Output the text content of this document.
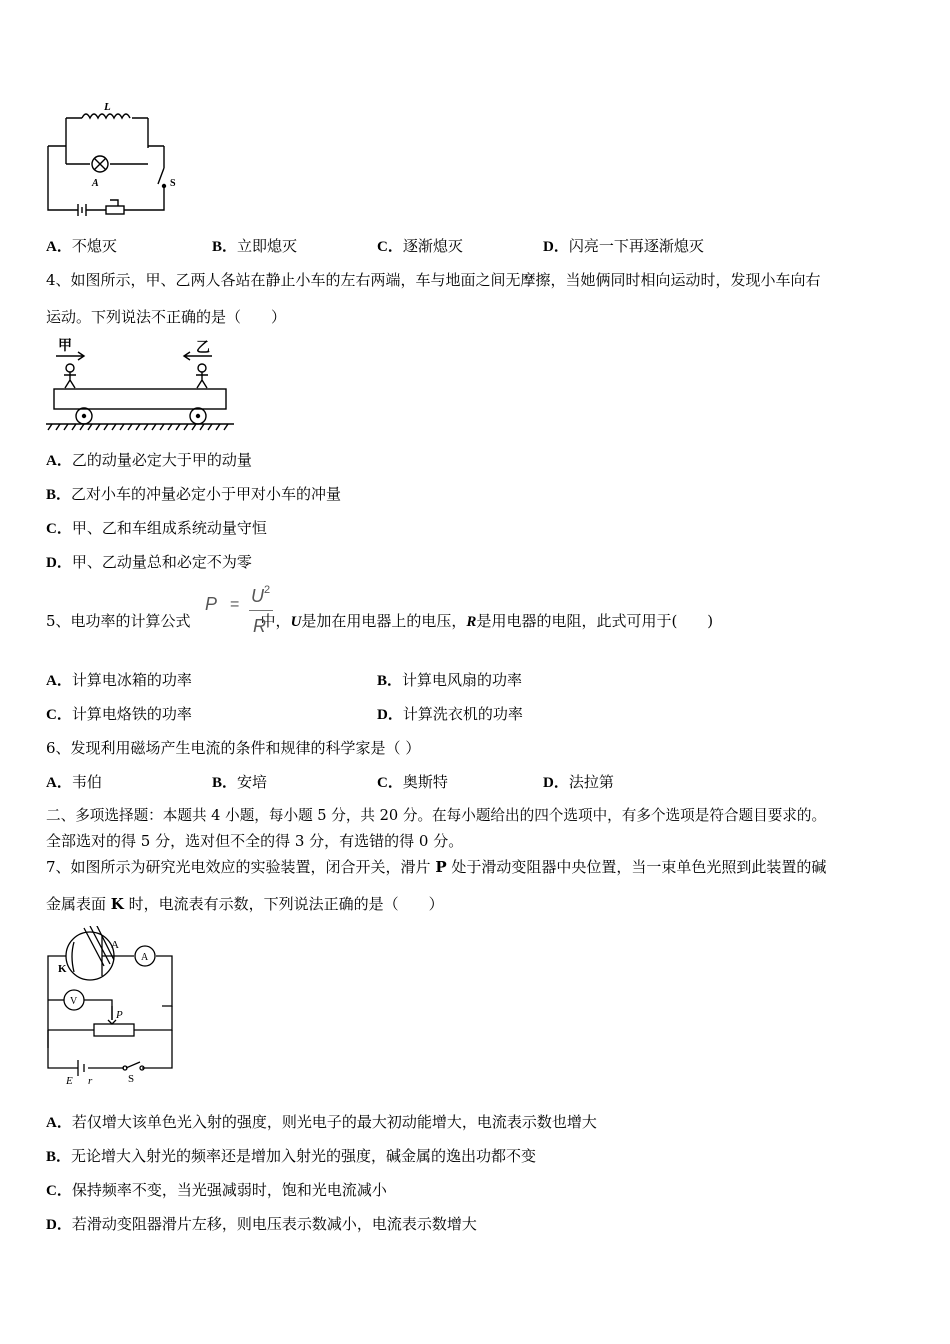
L
A	S
A．不熄灭	B．立即熄灭	C．逐渐熄灭	D．闪亮一下再逐渐熄灭
4、如图所示，甲、乙两人各站在静止小车的左右两端，车与地面之间无摩擦，当她俩同时相向运动时，发现小车向右
运动。下列说法不正确的是（　　）
甲	乙
A．乙的动量必定大于甲的动量
B．乙对小车的冲量必定小于甲对小车的冲量
C．甲、乙和车组成系统动量守恒
D．甲、乙动量总和必定不为零
5、电功率的计算公式	中，U是加在用电器上的电压，R是用电器的电阻，此式可用于(　　)
P = U 2
R
A．计算电冰箱的功率	B．计算电风扇的功率
C．计算电烙铁的功率	D．计算洗衣机的功率
6、发现利用磁场产生电流的条件和规律的科学家是（ ）
A．韦伯	B．安培	C．奥斯特	D．法拉第
二、多项选择题：本题共 4 小题，每小题 5 分，共 20 分。在每小题给出的四个选项中，有多个选项是符合题目要求的。
全部选对的得 5 分，选对但不全的得 3 分，有选错的得 0 分。
7、如图所示为研究光电效应的实验装置，闭合开关，滑片 P 处于滑动变阻器中央位置，当一束单色光照到此装置的碱
金属表面 K 时，电流表有示数，下列说法正确的是（　　）
A
K
A
V
P
E r	S
A．若仅增大该单色光入射的强度，则光电子的最大初动能增大，电流表示数也增大
B．无论增大入射光的频率还是增加入射光的强度，碱金属的逸出功都不变
C．保持频率不变，当光强减弱时，饱和光电流减小
D．若滑动变阻器滑片左移，则电压表示数减小，电流表示数增大
